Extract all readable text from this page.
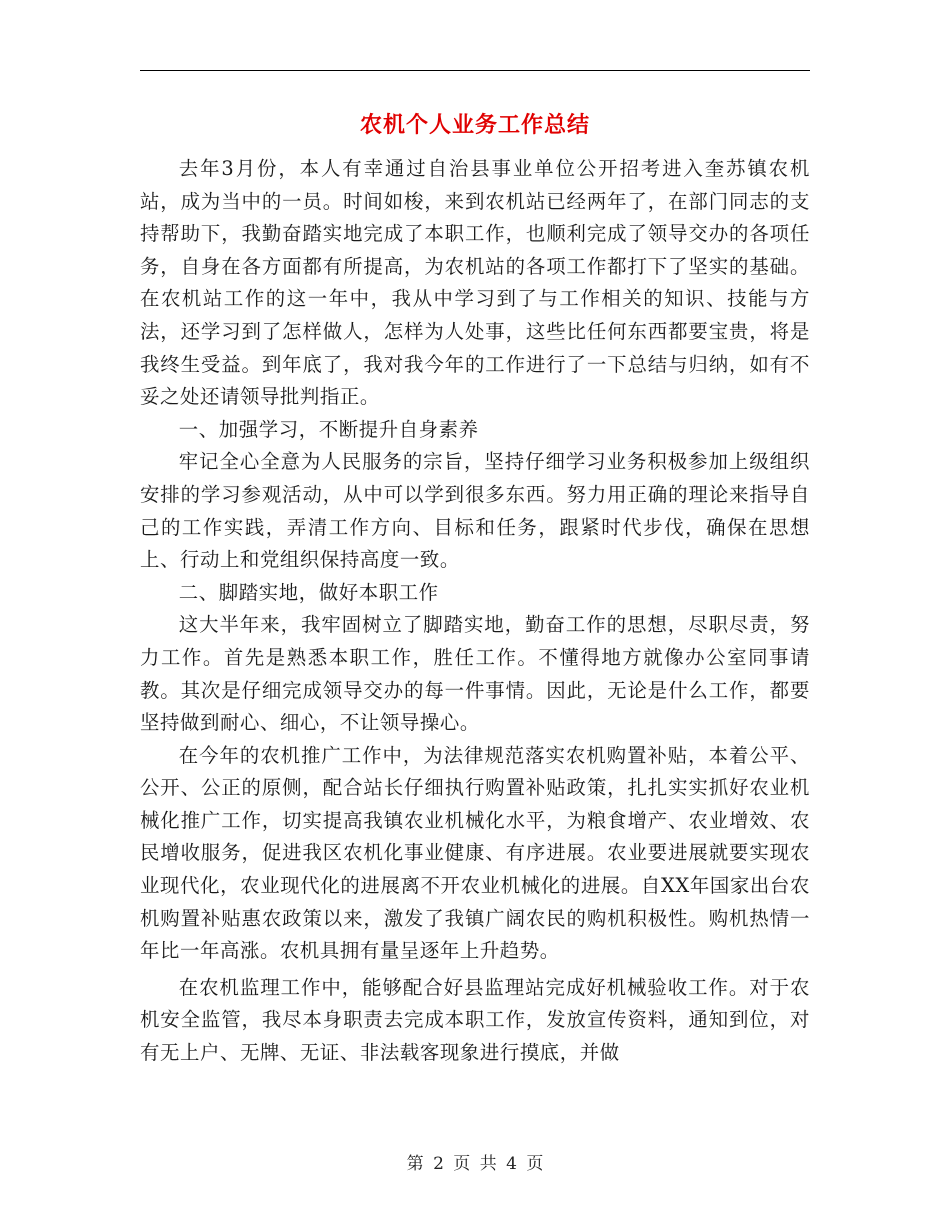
农机个人业务工作总结

去年3月份，本人有幸通过自治县事业单位公开招考进入奎苏镇农机站，成为当中的一员。时间如梭，来到农机站已经两年了，在部门同志的支持帮助下，我勤奋踏实地完成了本职工作，也顺利完成了领导交办的各项任务，自身在各方面都有所提高，为农机站的各项工作都打下了坚实的基础。在农机站工作的这一年中，我从中学习到了与工作相关的知识、技能与方法，还学习到了怎样做人，怎样为人处事，这些比任何东西都要宝贵，将是我终生受益。到年底了，我对我今年的工作进行了一下总结与归纳，如有不妥之处还请领导批判指正。

一、加强学习，不断提升自身素养

牢记全心全意为人民服务的宗旨，坚持仔细学习业务积极参加上级组织安排的学习参观活动，从中可以学到很多东西。努力用正确的理论来指导自己的工作实践，弄清工作方向、目标和任务，跟紧时代步伐，确保在思想上、行动上和党组织保持高度一致。

二、脚踏实地，做好本职工作

这大半年来，我牢固树立了脚踏实地，勤奋工作的思想，尽职尽责，努力工作。首先是熟悉本职工作，胜任工作。不懂得地方就像办公室同事请教。其次是仔细完成领导交办的每一件事情。因此，无论是什么工作，都要坚持做到耐心、细心，不让领导操心。

在今年的农机推广工作中，为法律规范落实农机购置补贴，本着公平、公开、公正的原侧，配合站长仔细执行购置补贴政策，扎扎实实抓好农业机械化推广工作，切实提高我镇农业机械化水平，为粮食增产、农业增效、农民增收服务，促进我区农机化事业健康、有序进展。农业要进展就要实现农业现代化，农业现代化的进展离不开农业机械化的进展。自XX年国家出台农机购置补贴惠农政策以来，激发了我镇广阔农民的购机积极性。购机热情一年比一年高涨。农机具拥有量呈逐年上升趋势。

在农机监理工作中，能够配合好县监理站完成好机械验收工作。对于农机安全监管，我尽本身职责去完成本职工作，发放宣传资料，通知到位，对有无上户、无牌、无证、非法载客现象进行摸底，并做

第 2 页 共 4 页
